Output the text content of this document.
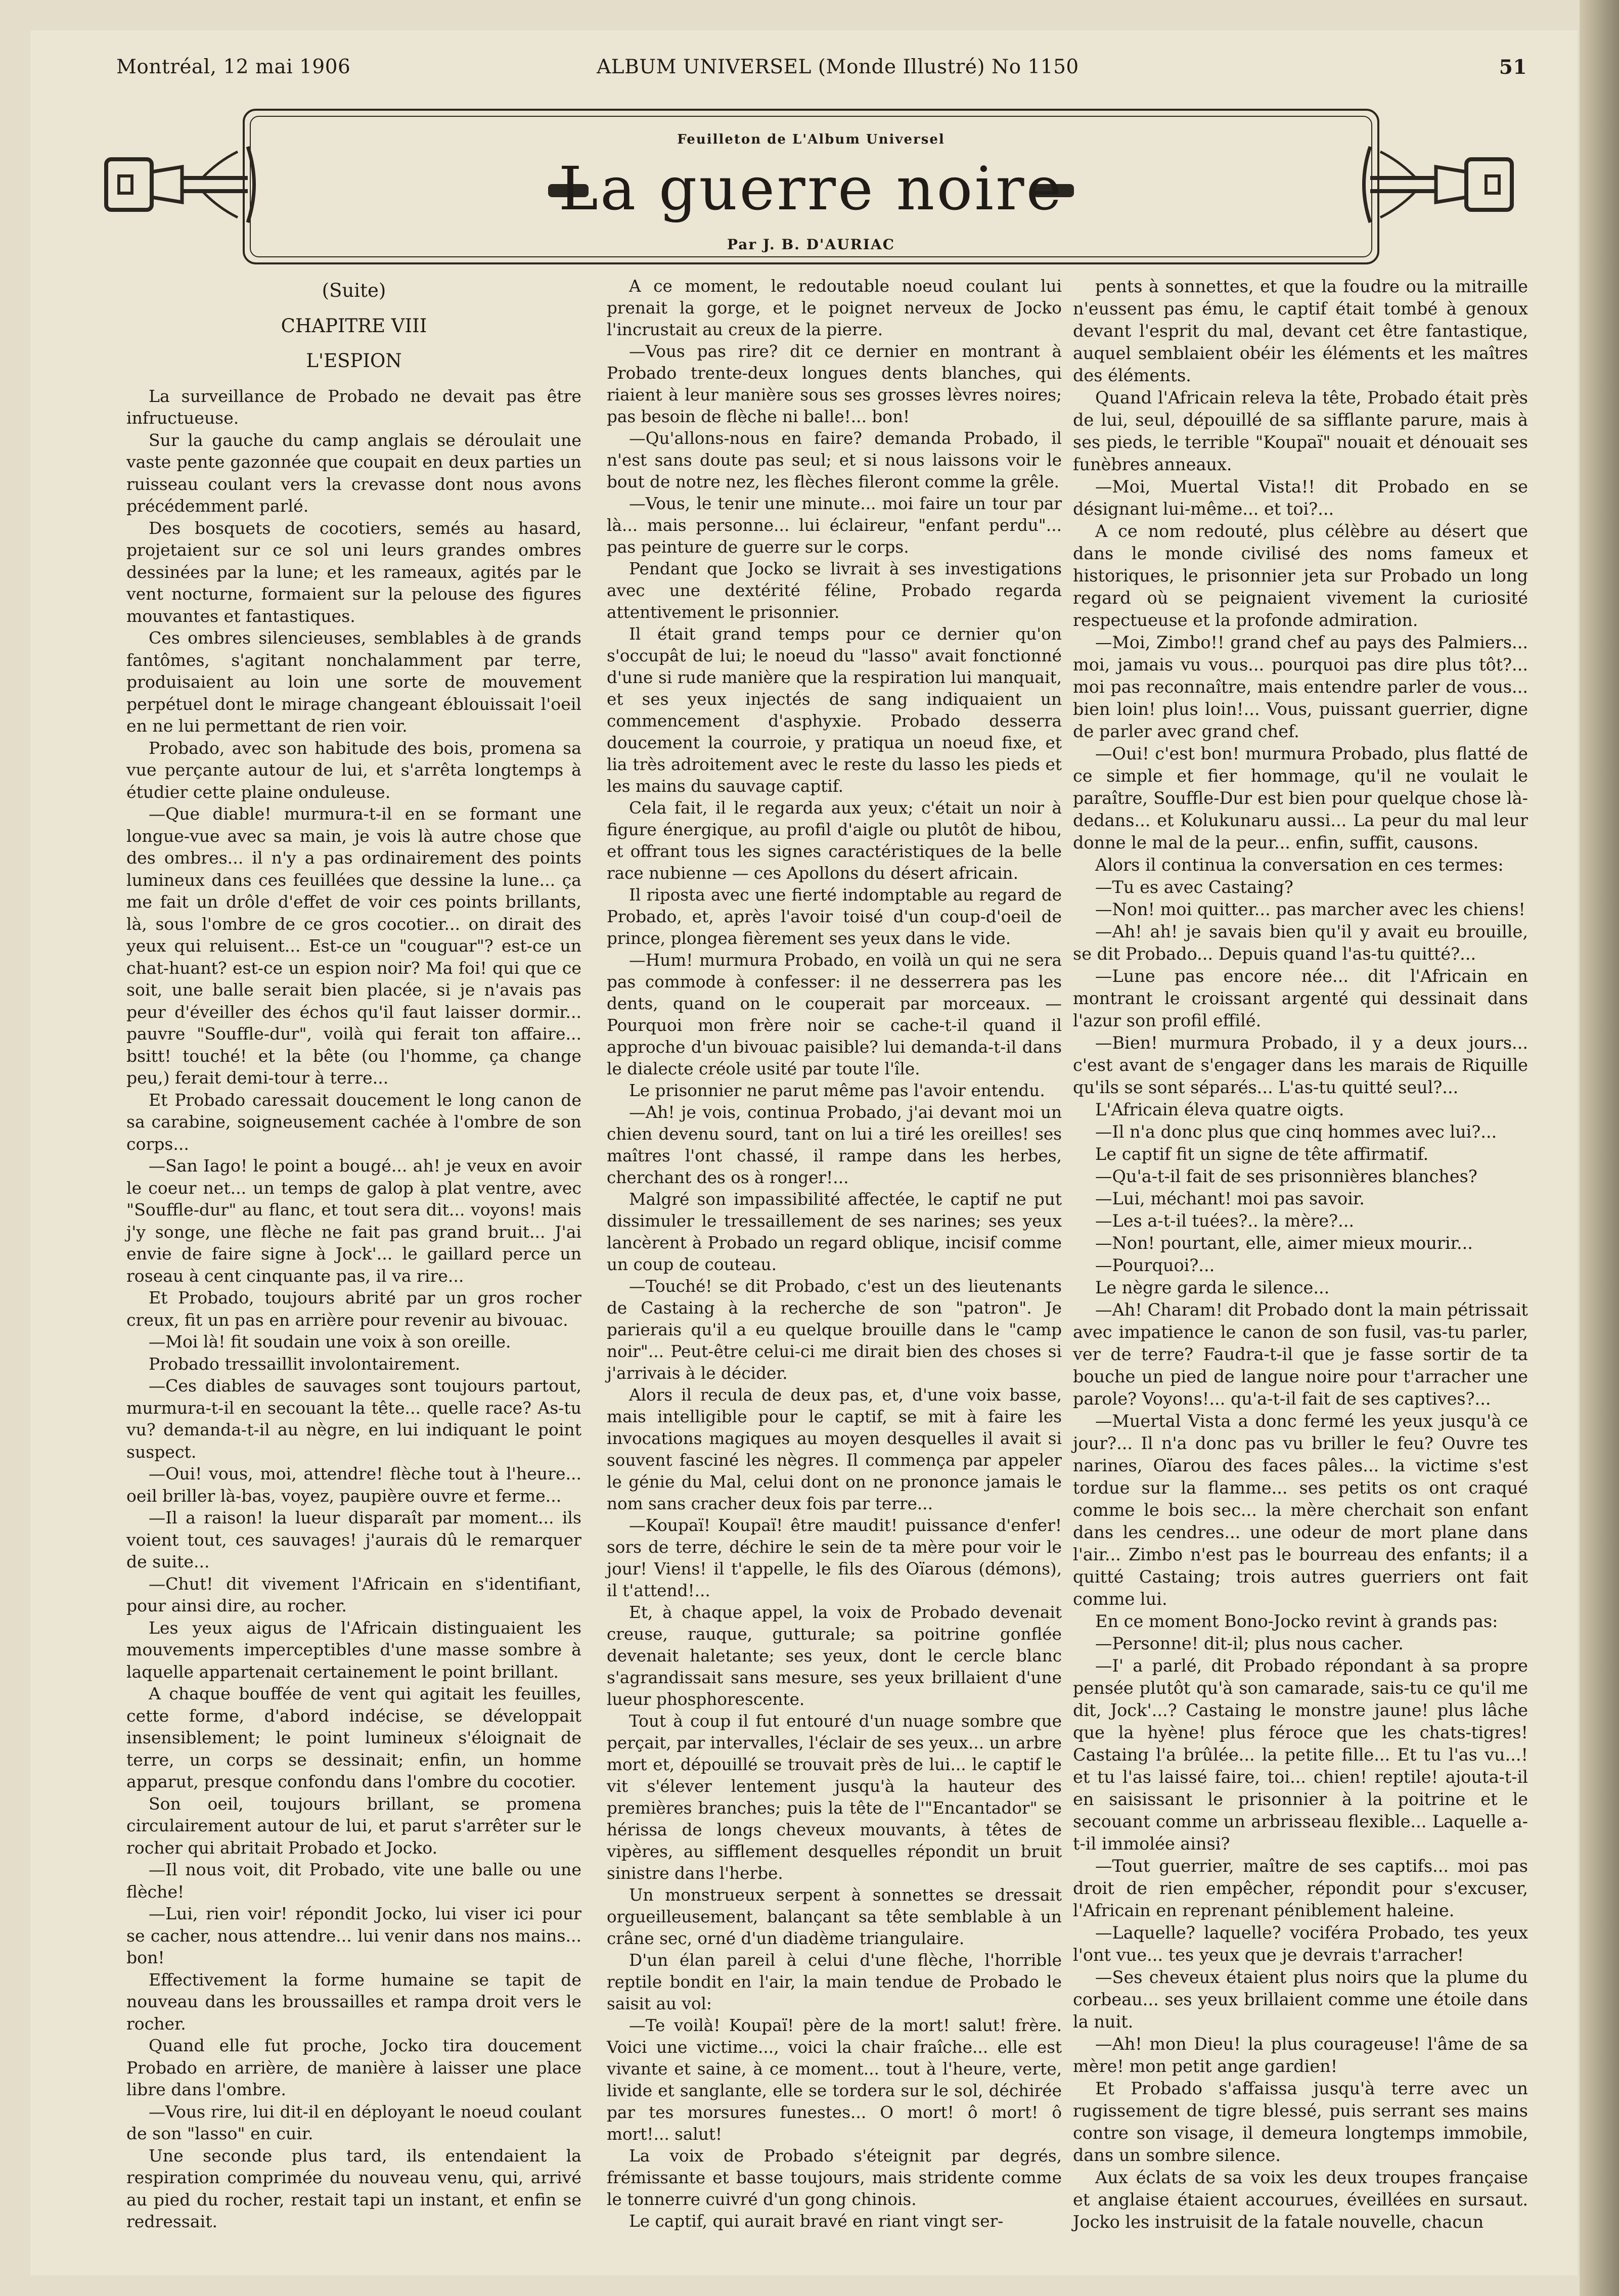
Montréal, 12 mai 1906	ALBUM UNIVERSEL (Monde Illustré) No 1150	51
Feuilleton de L'Album Universel
La guerre noire
Par J. B. D'AURIAC

(Suite)

CHAPITRE VIII

L'ESPION

La surveillance de Probado ne devait pas être infructueuse.

Sur la gauche du camp anglais se déroulait une vaste pente gazonnée que coupait en deux parties un ruisseau coulant vers la crevasse dont nous avons précédemment parlé.

Des bosquets de cocotiers, semés au hasard, projetaient sur ce sol uni leurs grandes ombres dessinées par la lune; et les rameaux, agités par le vent nocturne, formaient sur la pelouse des figures mouvantes et fantastiques.

Ces ombres silencieuses, semblables à de grands fantômes, s'agitant nonchalamment par terre, produisaient au loin une sorte de mouvement perpétuel dont le mirage changeant éblouissait l'oeil en ne lui permettant de rien voir.

Probado, avec son habitude des bois, promena sa vue perçante autour de lui, et s'arrêta longtemps à étudier cette plaine onduleuse.

—Que diable! murmura-t-il en se formant une longue-vue avec sa main, je vois là autre chose que des ombres... il n'y a pas ordinairement des points lumineux dans ces feuillées que dessine la lune... ça me fait un drôle d'effet de voir ces points brillants, là, sous l'ombre de ce gros cocotier... on dirait des yeux qui reluisent... Est-ce un "couguar"? est-ce un chat-huant? est-ce un espion noir? Ma foi! qui que ce soit, une balle serait bien placée, si je n'avais pas peur d'éveiller des échos qu'il faut laisser dormir... pauvre "Souffle-dur", voilà qui ferait ton affaire... bsitt! touché! et la bête (ou l'homme, ça change peu,) ferait demi-tour à terre...

Et Probado caressait doucement le long canon de sa carabine, soigneusement cachée à l'ombre de son corps...

—San Iago! le point a bougé... ah! je veux en avoir le coeur net... un temps de galop à plat ventre, avec "Souffle-dur" au flanc, et tout sera dit... voyons! mais j'y songe, une flèche ne fait pas grand bruit... J'ai envie de faire signe à Jock'... le gaillard perce un roseau à cent cinquante pas, il va rire...

Et Probado, toujours abrité par un gros rocher creux, fit un pas en arrière pour revenir au bivouac.

—Moi là! fit soudain une voix à son oreille.

Probado tressaillit involontairement.

—Ces diables de sauvages sont toujours partout, murmura-t-il en secouant la tête... quelle race? As-tu vu? demanda-t-il au nègre, en lui indiquant le point suspect.

—Oui! vous, moi, attendre! flèche tout à l'heure... oeil briller là-bas, voyez, paupière ouvre et ferme...

—Il a raison! la lueur disparaît par moment... ils voient tout, ces sauvages! j'aurais dû le remarquer de suite...

—Chut! dit vivement l'Africain en s'identifiant, pour ainsi dire, au rocher.

Les yeux aigus de l'Africain distinguaient les mouvements imperceptibles d'une masse sombre à laquelle appartenait certainement le point brillant.

A chaque bouffée de vent qui agitait les feuilles, cette forme, d'abord indécise, se développait insensiblement; le point lumineux s'éloignait de terre, un corps se dessinait; enfin, un homme apparut, presque confondu dans l'ombre du cocotier.

Son oeil, toujours brillant, se promena circulairement autour de lui, et parut s'arrêter sur le rocher qui abritait Probado et Jocko.

—Il nous voit, dit Probado, vite une balle ou une flèche!

—Lui, rien voir! répondit Jocko, lui viser ici pour se cacher, nous attendre... lui venir dans nos mains... bon!

Effectivement la forme humaine se tapit de nouveau dans les broussailles et rampa droit vers le rocher.

Quand elle fut proche, Jocko tira doucement Probado en arrière, de manière à laisser une place libre dans l'ombre.

—Vous rire, lui dit-il en déployant le noeud coulant de son "lasso" en cuir.

Une seconde plus tard, ils entendaient la respiration comprimée du nouveau venu, qui, arrivé au pied du rocher, restait tapi un instant, et enfin se redressait.

A ce moment, le redoutable noeud coulant lui prenait la gorge, et le poignet nerveux de Jocko l'incrustait au creux de la pierre.

—Vous pas rire? dit ce dernier en montrant à Probado trente-deux longues dents blanches, qui riaient à leur manière sous ses grosses lèvres noires; pas besoin de flèche ni balle!... bon!

—Qu'allons-nous en faire? demanda Probado, il n'est sans doute pas seul; et si nous laissons voir le bout de notre nez, les flèches fileront comme la grêle.

—Vous, le tenir une minute... moi faire un tour par là... mais personne... lui éclaireur, "enfant perdu"... pas peinture de guerre sur le corps.

Pendant que Jocko se livrait à ses investigations avec une dextérité féline, Probado regarda attentivement le prisonnier.

Il était grand temps pour ce dernier qu'on s'occupât de lui; le noeud du "lasso" avait fonctionné d'une si rude manière que la respiration lui manquait, et ses yeux injectés de sang indiquaient un commencement d'asphyxie. Probado desserra doucement la courroie, y pratiqua un noeud fixe, et lia très adroitement avec le reste du lasso les pieds et les mains du sauvage captif.

Cela fait, il le regarda aux yeux; c'était un noir à figure énergique, au profil d'aigle ou plutôt de hibou, et offrant tous les signes caractéristiques de la belle race nubienne — ces Apollons du désert africain.

Il riposta avec une fierté indomptable au regard de Probado, et, après l'avoir toisé d'un coup-d'oeil de prince, plongea fièrement ses yeux dans le vide.

—Hum! murmura Probado, en voilà un qui ne sera pas commode à confesser: il ne desserrera pas les dents, quand on le couperait par morceaux. — Pourquoi mon frère noir se cache-t-il quand il approche d'un bivouac paisible? lui demanda-t-il dans le dialecte créole usité par toute l'île.

Le prisonnier ne parut même pas l'avoir entendu.

—Ah! je vois, continua Probado, j'ai devant moi un chien devenu sourd, tant on lui a tiré les oreilles! ses maîtres l'ont chassé, il rampe dans les herbes, cherchant des os à ronger!...

Malgré son impassibilité affectée, le captif ne put dissimuler le tressaillement de ses narines; ses yeux lancèrent à Probado un regard oblique, incisif comme un coup de couteau.

—Touché! se dit Probado, c'est un des lieutenants de Castaing à la recherche de son "patron". Je parierais qu'il a eu quelque brouille dans le "camp noir"... Peut-être celui-ci me dirait bien des choses si j'arrivais à le décider.

Alors il recula de deux pas, et, d'une voix basse, mais intelligible pour le captif, se mit à faire les invocations magiques au moyen desquelles il avait si souvent fasciné les nègres. Il commença par appeler le génie du Mal, celui dont on ne prononce jamais le nom sans cracher deux fois par terre...

—Koupaï! Koupaï! être maudit! puissance d'enfer! sors de terre, déchire le sein de ta mère pour voir le jour! Viens! il t'appelle, le fils des Oïarous (démons), il t'attend!...

Et, à chaque appel, la voix de Probado devenait creuse, rauque, gutturale; sa poitrine gonflée devenait haletante; ses yeux, dont le cercle blanc s'agrandissait sans mesure, ses yeux brillaient d'une lueur phosphorescente.

Tout à coup il fut entouré d'un nuage sombre que perçait, par intervalles, l'éclair de ses yeux... un arbre mort et, dépouillé se trouvait près de lui... le captif le vit s'élever lentement jusqu'à la hauteur des premières branches; puis la tête de l'"Encantador" se hérissa de longs cheveux mouvants, à têtes de vipères, au sifflement desquelles répondit un bruit sinistre dans l'herbe.

Un monstrueux serpent à sonnettes se dressait orgueilleusement, balançant sa tête semblable à un crâne sec, orné d'un diadème triangulaire.

D'un élan pareil à celui d'une flèche, l'horrible reptile bondit en l'air, la main tendue de Probado le saisit au vol:

—Te voilà! Koupaï! père de la mort! salut! frère. Voici une victime..., voici la chair fraîche... elle est vivante et saine, à ce moment... tout à l'heure, verte, livide et sanglante, elle se tordera sur le sol, déchirée par tes morsures funestes... O mort! ô mort! ô mort!... salut!

La voix de Probado s'éteignit par degrés, frémissante et basse toujours, mais stridente comme le tonnerre cuivré d'un gong chinois.

Le captif, qui aurait bravé en riant vingt ser-

pents à sonnettes, et que la foudre ou la mitraille n'eussent pas ému, le captif était tombé à genoux devant l'esprit du mal, devant cet être fantastique, auquel semblaient obéir les éléments et les maîtres des éléments.

Quand l'Africain releva la tête, Probado était près de lui, seul, dépouillé de sa sifflante parure, mais à ses pieds, le terrible "Koupaï" nouait et dénouait ses funèbres anneaux.

—Moi, Muertal Vista!! dit Probado en se désignant lui-même... et toi?...

A ce nom redouté, plus célèbre au désert que dans le monde civilisé des noms fameux et historiques, le prisonnier jeta sur Probado un long regard où se peignaient vivement la curiosité respectueuse et la profonde admiration.

—Moi, Zimbo!! grand chef au pays des Palmiers... moi, jamais vu vous... pourquoi pas dire plus tôt?... moi pas reconnaître, mais entendre parler de vous... bien loin! plus loin!... Vous, puissant guerrier, digne de parler avec grand chef.

—Oui! c'est bon! murmura Probado, plus flatté de ce simple et fier hommage, qu'il ne voulait le paraître, Souffle-Dur est bien pour quelque chose là-dedans... et Kolukunaru aussi... La peur du mal leur donne le mal de la peur... enfin, suffit, causons.

Alors il continua la conversation en ces termes:

—Tu es avec Castaing?

—Non! moi quitter... pas marcher avec les chiens!

—Ah! ah! je savais bien qu'il y avait eu brouille, se dit Probado... Depuis quand l'as-tu quitté?...

—Lune pas encore née... dit l'Africain en montrant le croissant argenté qui dessinait dans l'azur son profil effilé.

—Bien! murmura Probado, il y a deux jours... c'est avant de s'engager dans les marais de Riquille qu'ils se sont séparés... L'as-tu quitté seul?...

L'Africain éleva quatre oigts.

—Il n'a donc plus que cinq hommes avec lui?...

Le captif fit un signe de tête affirmatif.

—Qu'a-t-il fait de ses prisonnières blanches?

—Lui, méchant! moi pas savoir.

—Les a-t-il tuées?.. la mère?...

—Non! pourtant, elle, aimer mieux mourir...

—Pourquoi?...

Le nègre garda le silence...

—Ah! Charam! dit Probado dont la main pétrissait avec impatience le canon de son fusil, vas-tu parler, ver de terre? Faudra-t-il que je fasse sortir de ta bouche un pied de langue noire pour t'arracher une parole? Voyons!... qu'a-t-il fait de ses captives?...

—Muertal Vista a donc fermé les yeux jusqu'à ce jour?... Il n'a donc pas vu briller le feu? Ouvre tes narines, Oïarou des faces pâles... la victime s'est tordue sur la flamme... ses petits os ont craqué comme le bois sec... la mère cherchait son enfant dans les cendres... une odeur de mort plane dans l'air... Zimbo n'est pas le bourreau des enfants; il a quitté Castaing; trois autres guerriers ont fait comme lui.

En ce moment Bono-Jocko revint à grands pas:

—Personne! dit-il; plus nous cacher.

—I' a parlé, dit Probado répondant à sa propre pensée plutôt qu'à son camarade, sais-tu ce qu'il me dit, Jock'...? Castaing le monstre jaune! plus lâche que la hyène! plus féroce que les chats-tigres! Castaing l'a brûlée... la petite fille... Et tu l'as vu...! et tu l'as laissé faire, toi... chien! reptile! ajouta-t-il en saisissant le prisonnier à la poitrine et le secouant comme un arbrisseau flexible... Laquelle a-t-il immolée ainsi?

—Tout guerrier, maître de ses captifs... moi pas droit de rien empêcher, répondit pour s'excuser, l'Africain en reprenant péniblement haleine.

—Laquelle? laquelle? vociféra Probado, tes yeux l'ont vue... tes yeux que je devrais t'arracher!

—Ses cheveux étaient plus noirs que la plume du corbeau... ses yeux brillaient comme une étoile dans la nuit.

—Ah! mon Dieu! la plus courageuse! l'âme de sa mère! mon petit ange gardien!

Et Probado s'affaissa jusqu'à terre avec un rugissement de tigre blessé, puis serrant ses mains contre son visage, il demeura longtemps immobile, dans un sombre silence.

Aux éclats de sa voix les deux troupes française et anglaise étaient accourues, éveillées en sursaut. Jocko les instruisit de la fatale nouvelle, chacun
